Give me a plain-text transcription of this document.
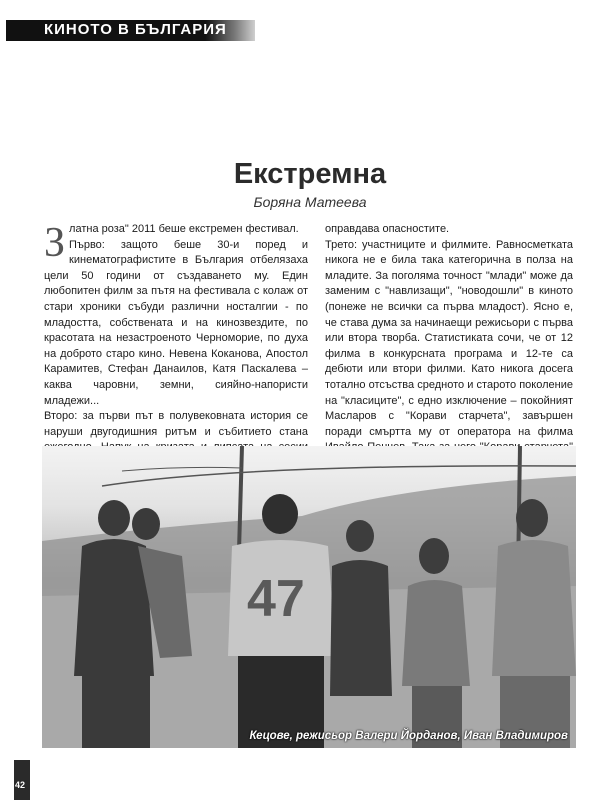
КИНОТО В БЪЛГАРИЯ
Екстремна
Боряна Матеева

Златна роза" 2011 беше екстремен фестивал.

Първо: защото беше 30-и поред и кинематографистите в България отбелязаха цели 50 години от създаването му. Един любопитен филм за пътя на фестивала с колаж от стари хроники събуди различни носталгии - по младостта, собствената и на кинозвездите, по красотата на незастроеното Черноморие, по духа на доброто старо кино. Невена Коканова, Апостол Карамитев, Стефан Данаилов, Катя Паскалева – каква чаровни, земни, сияйно-напористи младежи...

Второ: за първи път в полувековната история се наруши двугодишния ритъм и събитието стана

оправдава опасностите.

Трето: участниците и филмите. Равносметката никога не е била така категорична в полза на младите. За поголяма точност "млади" може да заменим с "навлизащи", "новодошли" в киното (понеже не всички са първа младост). Ясно е, че става дума за начинаещи режисьори с първа или втора творба. Статистиката сочи, че от 12 филма в конкурсната програма и 12-те са дебюти или втори филми. Като никога досега тотално отсъства средното и старото поколение на "класиците", с едно изключение – покойният Масларов с "Корави старчета", завършен поради смъртта му от оператора на филма

47
Кецове, режисьор Валери Йорданов, Иван Владимиров
42
